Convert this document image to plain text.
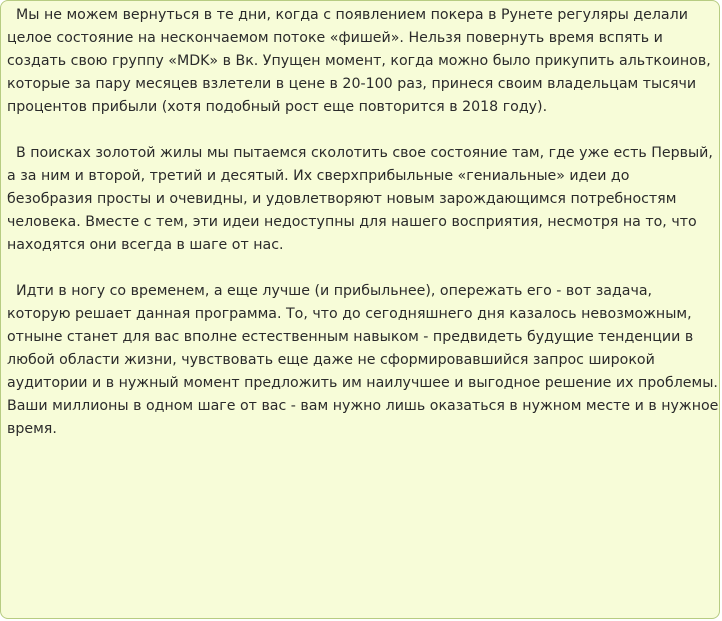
Мы не можем вернуться в те дни, когда с появлением покера в Рунете регуляры делали целое состояние на нескончаемом потоке «фишей». Нельзя повернуть время вспять и создать свою группу «MDK» в Вк. Упущен момент, когда можно было прикупить альткоинов, которые за пару месяцев взлетели в цене в 20-100 раз, принеся своим владельцам тысячи процентов прибыли (хотя подобный рост еще повторится в 2018 году).

В поисках золотой жилы мы пытаемся сколотить свое состояние там, где уже есть Первый, а за ним и второй, третий и десятый. Их сверхприбыльные «гениальные» идеи до безобразия просты и очевидны, и удовлетворяют новым зарождающимся потребностям человека. Вместе с тем, эти идеи недоступны для нашего восприятия, несмотря на то, что находятся они всегда в шаге от нас.

Идти в ногу со временем, а еще лучше (и прибыльнее), опережать его - вот задача, которую решает данная программа. То, что до сегодняшнего дня казалось невозможным, отныне станет для вас вполне естественным навыком - предвидеть будущие тенденции в любой области жизни, чувствовать еще даже не сформировавшийся запрос широкой аудитории и в нужный момент предложить им наилучшее и выгодное решение их проблемы. Ваши миллионы в одном шаге от вас - вам нужно лишь оказаться в нужном месте и в нужное время.
